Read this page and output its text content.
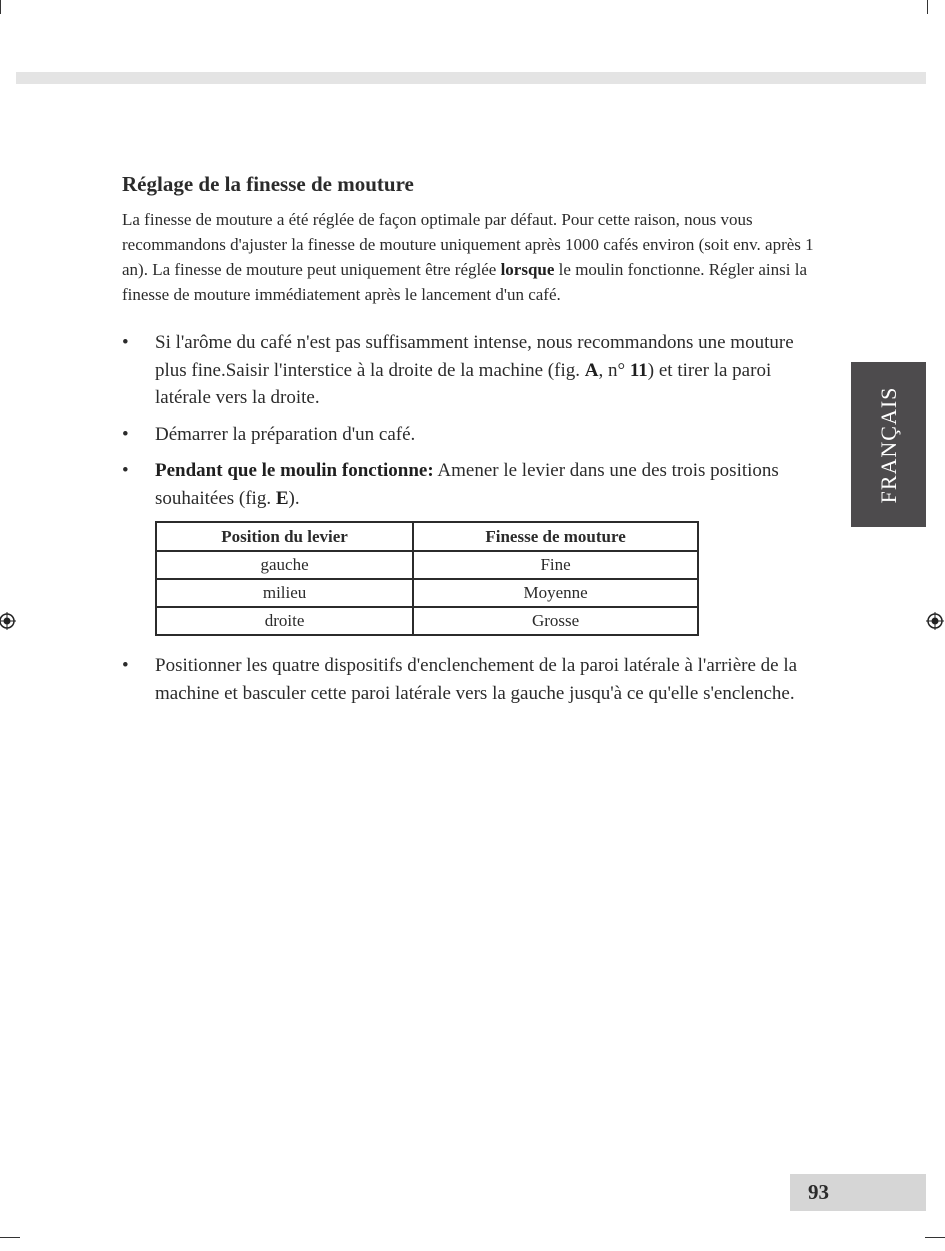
FRANÇAIS
Réglage de la finesse de mouture

La finesse de mouture a été réglée de façon optimale par défaut. Pour cette raison, nous vous recommandons d'ajuster la finesse de mouture uniquement après 1000 cafés environ (soit env. après 1 an). La finesse de mouture peut uniquement être réglée lorsque le moulin fonctionne. Régler ainsi la finesse de mouture immédiatement après le lancement d'un café.

• Si l'arôme du café n'est pas suffisamment intense, nous recommandons une mouture plus fine.Saisir l'interstice à la droite de la machine (fig. A, n° 11) et tirer la paroi latérale vers la droite.
• Démarrer la préparation d'un café.
• Pendant que le moulin fonctionne: Amener le levier dans une des trois positions souhaitées (fig. E).
Position du levier	Finesse de mouture
gauche	Fine
milieu	Moyenne
droite	Grosse
• Positionner les quatre dispositifs d'enclenchement de la paroi latérale à l'arrière de la machine et basculer cette paroi latérale vers la gauche jusqu'à ce qu'elle s'enclenche.
93
